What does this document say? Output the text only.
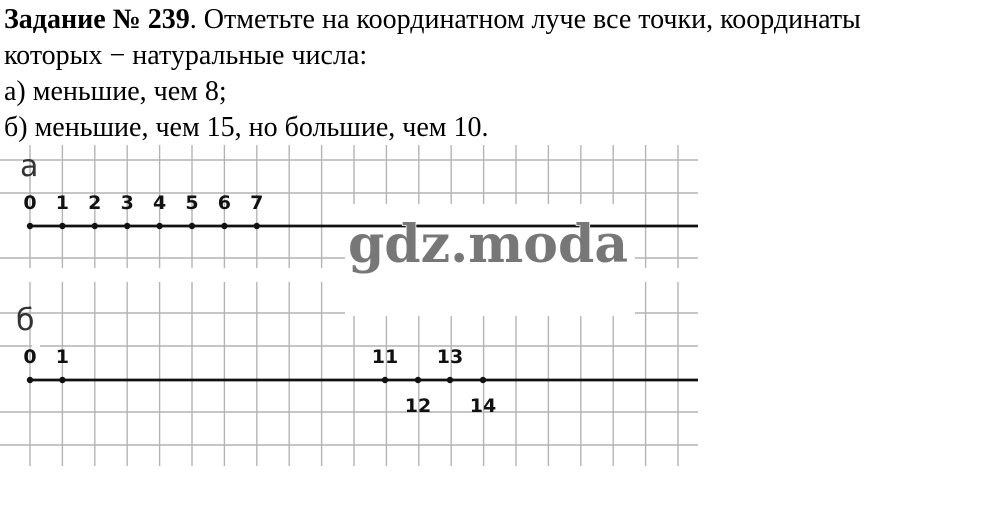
Задание № 239. Отметьте на координатном луче все точки, координаты

которых − натуральные числа:

а) меньшие, чем 8;

б) меньшие, чем 15, но большие, чем 10.

0 1 2 3 4 5 6 7
а
0 1	11 13
12 14
б
gdz.moda
